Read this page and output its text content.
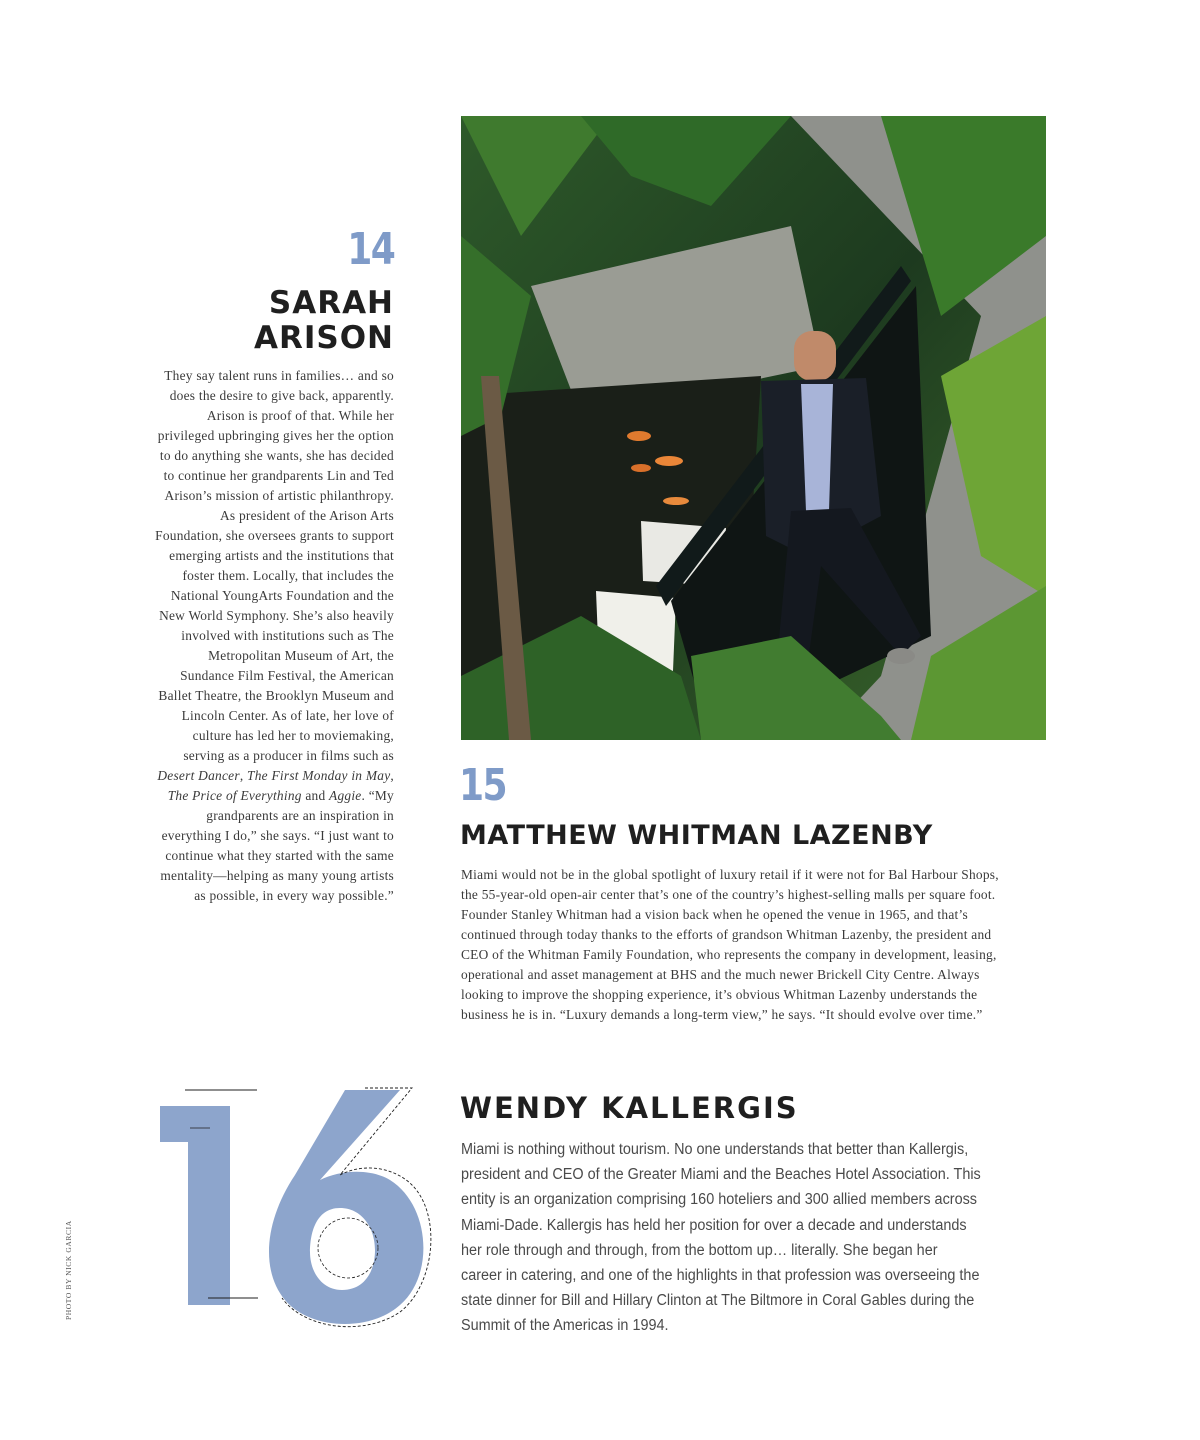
14
SARAH
ARISON

They say talent runs in families… and so does the desire to give back, apparently. Arison is proof of that. While her privileged upbringing gives her the option to do anything she wants, she has decided to continue her grandparents Lin and Ted Arison’s mission of artistic philanthropy. As president of the Arison Arts Foundation, she oversees grants to support emerging artists and the institutions that foster them. Locally, that includes the National YoungArts Foundation and the New World Symphony. She’s also heavily involved with institutions such as The Metropolitan Museum of Art, the Sundance Film Festival, the American Ballet Theatre, the Brooklyn Museum and Lincoln Center. As of late, her love of culture has led her to moviemaking, serving as a producer in films such as Desert Dancer, The First Monday in May, The Price of Everything and Aggie. “My grandparents are an inspiration in everything I do,” she says. “I just want to continue what they started with the same mentality—helping as many young artists as possible, in every way possible.”

15
MATTHEW WHITMAN LAZENBY

Miami would not be in the global spotlight of luxury retail if it were not for Bal Harbour Shops, the 55-year-old open-air center that’s one of the country’s highest-selling malls per square foot. Founder Stanley Whitman had a vision back when he opened the venue in 1965, and that’s continued through today thanks to the efforts of grandson Whitman Lazenby, the president and CEO of the Whitman Family Foundation, who represents the company in development, leasing, operational and asset management at BHS and the much newer Brickell City Centre. Always looking to improve the shopping experience, it’s obvious Whitman Lazenby understands the business he is in. “Luxury demands a long-term view,” he says. “It should evolve over time.”

WENDY KALLERGIS

Miami is nothing without tourism. No one understands that better than Kallergis, president and CEO of the Greater Miami and the Beaches Hotel Association. This entity is an organization comprising 160 hoteliers and 300 allied members across Miami-Dade. Kallergis has held her position for over a decade and understands her role through and through, from the bottom up… literally. She began her career in catering, and one of the highlights in that profession was overseeing the state dinner for Bill and Hillary Clinton at The Biltmore in Coral Gables during the Summit of the Americas in 1994.

PHOTO BY NICK GARCIA
